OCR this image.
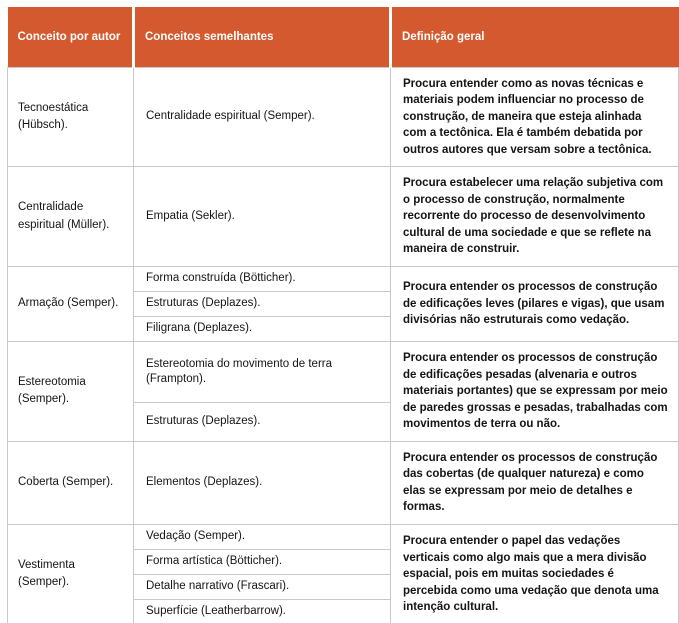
Conceito por autor	Conceitos semelhantes	Definição geral
Tecnoestática (Hübsch).	Centralidade espiritual (Semper).	Procura entender como as novas técnicas e materiais podem influenciar no processo de construção, de maneira que esteja alinhada com a tectônica. Ela é também debatida por outros autores que versam sobre a tectônica.
Centralidade espiritual (Müller).	Empatia (Sekler).	Procura estabelecer uma relação subjetiva com o processo de construção, normalmente recorrente do processo de desenvolvimento cultural de uma sociedade e que se reflete na maneira de construir.
Armação (Semper).	Forma construída (Bötticher).	Procura entender os processos de construção de edificações leves (pilares e vigas), que usam divisórias não estruturais como vedação.
	Estruturas (Deplazes).	
	Filigrana (Deplazes).	
Estereotomia (Semper).	Estereotomia do movimento de terra (Frampton).	Procura entender os processos de construção de edificações pesadas (alvenaria e outros materiais portantes) que se expressam por meio de paredes grossas e pesadas, trabalhadas com movimentos de terra ou não.
	Estruturas (Deplazes).	
Coberta (Semper).	Elementos (Deplazes).	Procura entender os processos de construção das cobertas (de qualquer natureza) e como elas se expressam por meio de detalhes e formas.
Vestimenta (Semper).	Vedação (Semper).	Procura entender o papel das vedações verticais como algo mais que a mera divisão espacial, pois em muitas sociedades é percebida como uma vedação que denota uma intenção cultural.
	Forma artística (Bötticher).	
	Detalhe narrativo (Frascari).	
	Superfície (Leatherbarrow).	
